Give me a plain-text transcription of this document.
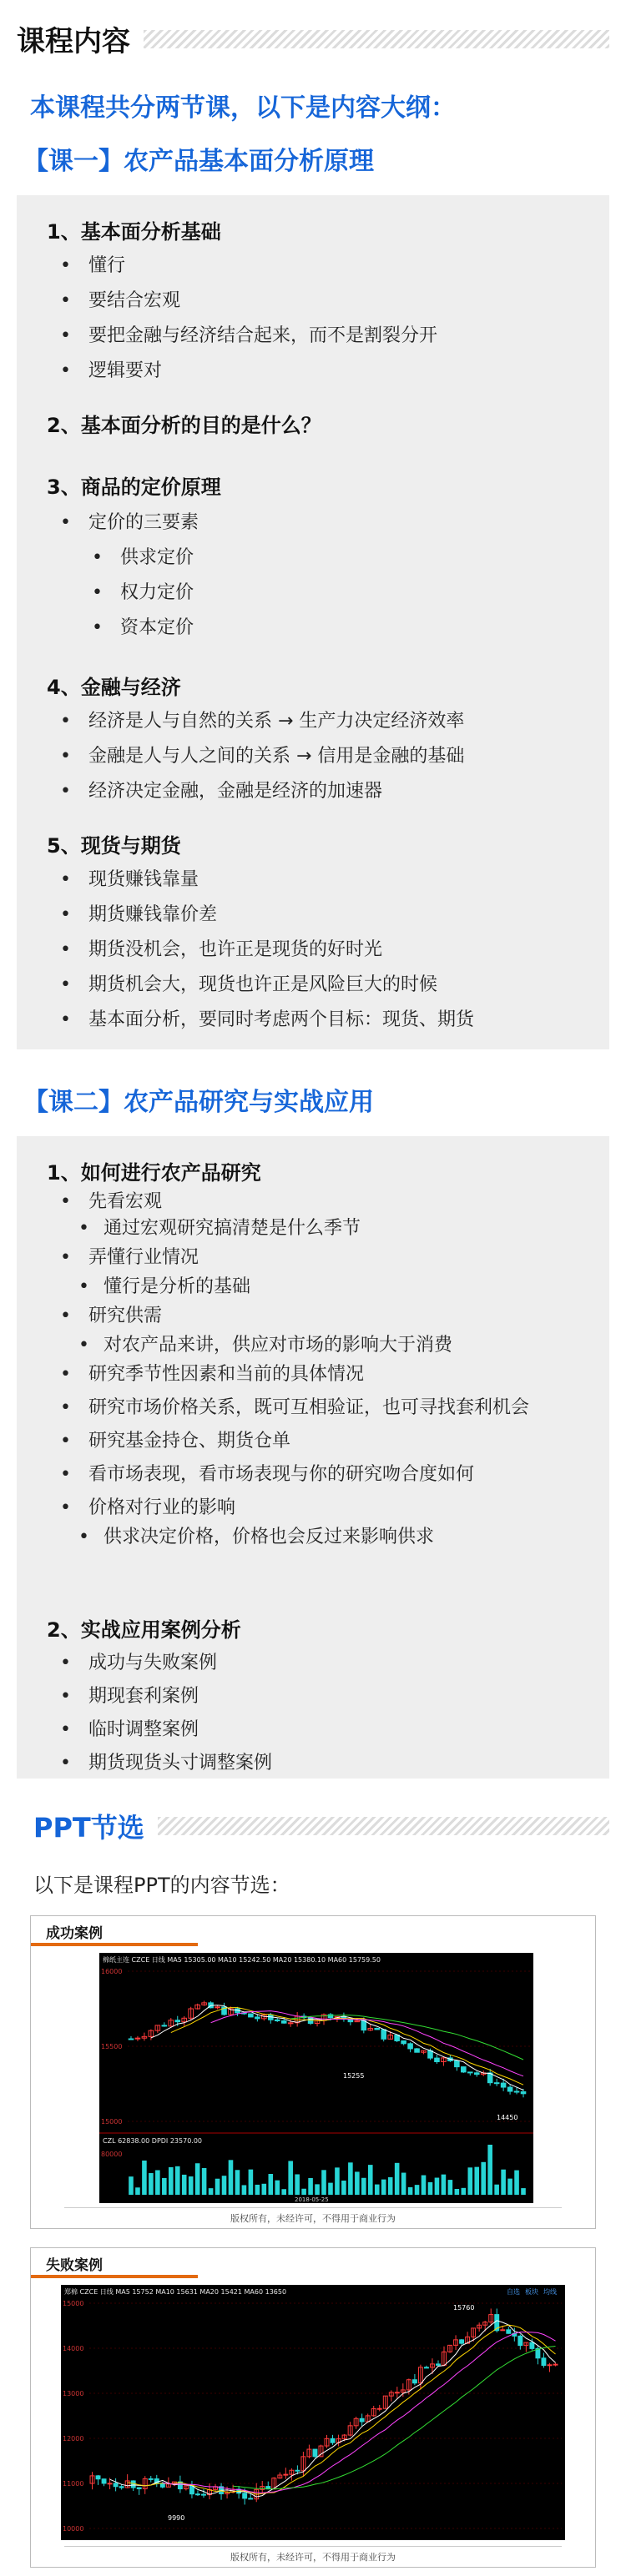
课程内容
本课程共分两节课，以下是内容大纲：
【课一】农产品基本面分析原理
1、基本面分析基础
• 懂行
• 要结合宏观
• 要把金融与经济结合起来，而不是割裂分开
• 逻辑要对
2、基本面分析的目的是什么？
3、商品的定价原理
• 定价的三要素
• 供求定价
• 权力定价
• 资本定价
4、金融与经济
• 经济是人与自然的关系 → 生产力决定经济效率
• 金融是人与人之间的关系 → 信用是金融的基础
• 经济决定金融，金融是经济的加速器
5、现货与期货
• 现货赚钱靠量
• 期货赚钱靠价差
• 期货没机会，也许正是现货的好时光
• 期货机会大，现货也许正是风险巨大的时候
• 基本面分析，要同时考虑两个目标：现货、期货
【课二】农产品研究与实战应用
1、如何进行农产品研究
• 先看宏观
• 通过宏观研究搞清楚是什么季节
• 弄懂行业情况
• 懂行是分析的基础
• 研究供需
• 对农产品来讲，供应对市场的影响大于消费
• 研究季节性因素和当前的具体情况
• 研究市场价格关系，既可互相验证，也可寻找套利机会
• 研究基金持仓、期货仓单
• 看市场表现，看市场表现与你的研究吻合度如何
• 价格对行业的影响
• 供求决定价格，价格也会反过来影响供求
2、实战应用案例分析
• 成功与失败案例
• 期现套利案例
• 临时调整案例
• 期货现货头寸调整案例
PPT节选
以下是课程PPT的内容节选：
成功案例
棉纸主连 CZCE 日线 MA5 15305.00 MA10 15242.50 MA20 15380.10 MA60 15759.50
16000
15500
15000
14450
15255
CZL 62838.00 DPDI 23570.00
80000
2018-05-25
版权所有，未经许可，不得用于商业行为
失败案例
郑棉 CZCE 日线 MA5 15752 MA10 15631 MA20 15421 MA60 13650
15000
14000
13000
12000
11000
10000
15760
9990
自选 板块 均线
版权所有，未经许可，不得用于商业行为
